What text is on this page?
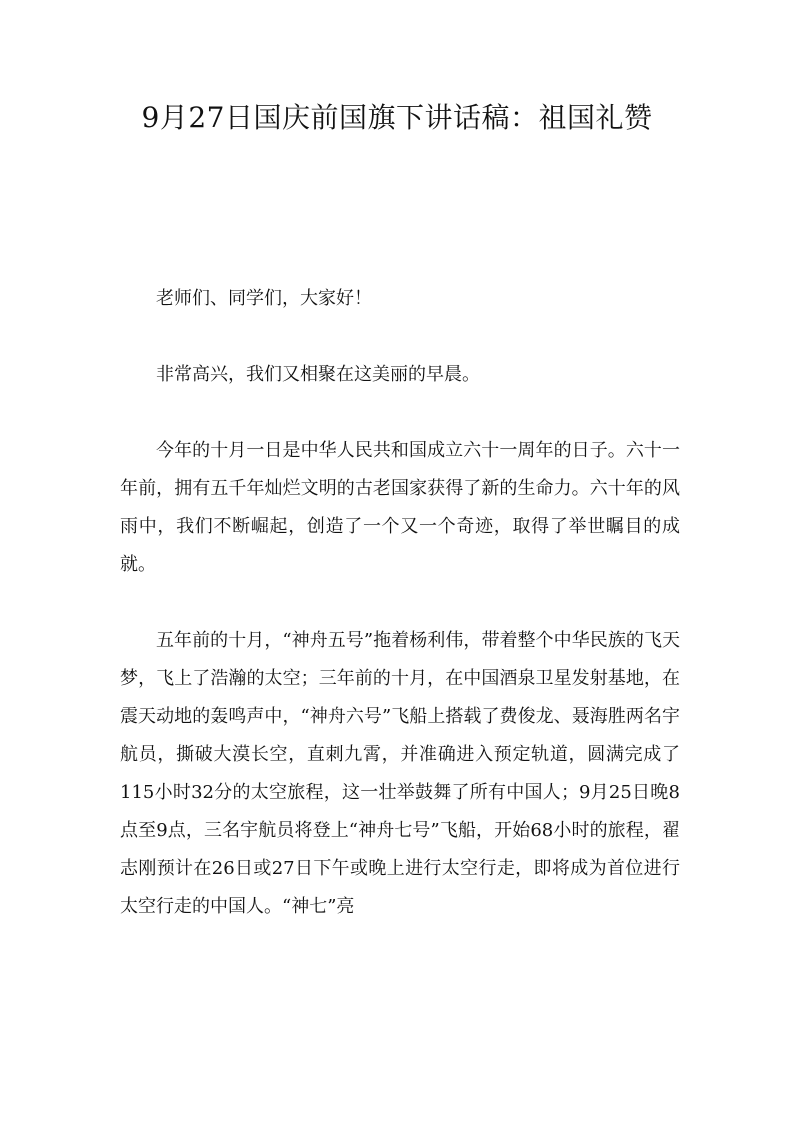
9月27日国庆前国旗下讲话稿：祖国礼赞

老师们、同学们，大家好！

非常高兴，我们又相聚在这美丽的早晨。

今年的十月一日是中华人民共和国成立六十一周年的日子。六十一年前，拥有五千年灿烂文明的古老国家获得了新的生命力。六十年的风雨中，我们不断崛起，创造了一个又一个奇迹，取得了举世瞩目的成就。

五年前的十月，“神舟五号”拖着杨利伟，带着整个中华民族的飞天梦，飞上了浩瀚的太空；三年前的十月，在中国酒泉卫星发射基地，在震天动地的轰鸣声中，“神舟六号”飞船上搭载了费俊龙、聂海胜两名宇航员，撕破大漠长空，直刺九霄，并准确进入预定轨道，圆满完成了115小时32分的太空旅程，这一壮举鼓舞了所有中国人；9月25日晚8点至9点，三名宇航员将登上“神舟七号”飞船，开始68小时的旅程，翟志刚预计在26日或27日下午或晚上进行太空行走，即将成为首位进行太空行走的中国人。“神七”亮
